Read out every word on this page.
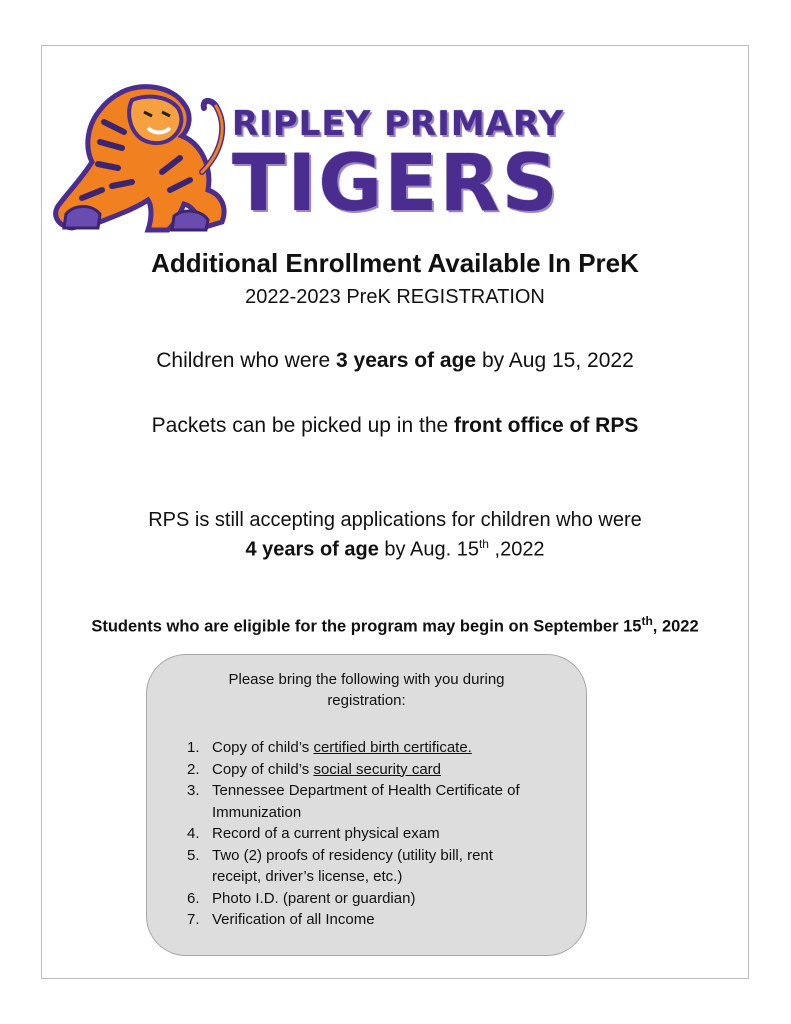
RIPLEY PRIMARY
TIGERS
Additional Enrollment Available In PreK
2022-2023 PreK REGISTRATION
Children who were 3 years of age by Aug 15, 2022
Packets can be picked up in the front office of RPS
RPS is still accepting applications for children who were
4 years of age by Aug. 15th ,2022
Students who are eligible for the program may begin on September 15th, 2022
Please bring the following with you during
registration:
1. Copy of child’s certified birth certificate.
2. Copy of child’s social security card
3. Tennessee Department of Health Certificate of
Immunization
4. Record of a current physical exam
5. Two (2) proofs of residency (utility bill, rent
receipt, driver’s license, etc.)
6. Photo I.D. (parent or guardian)
7. Verification of all Income
